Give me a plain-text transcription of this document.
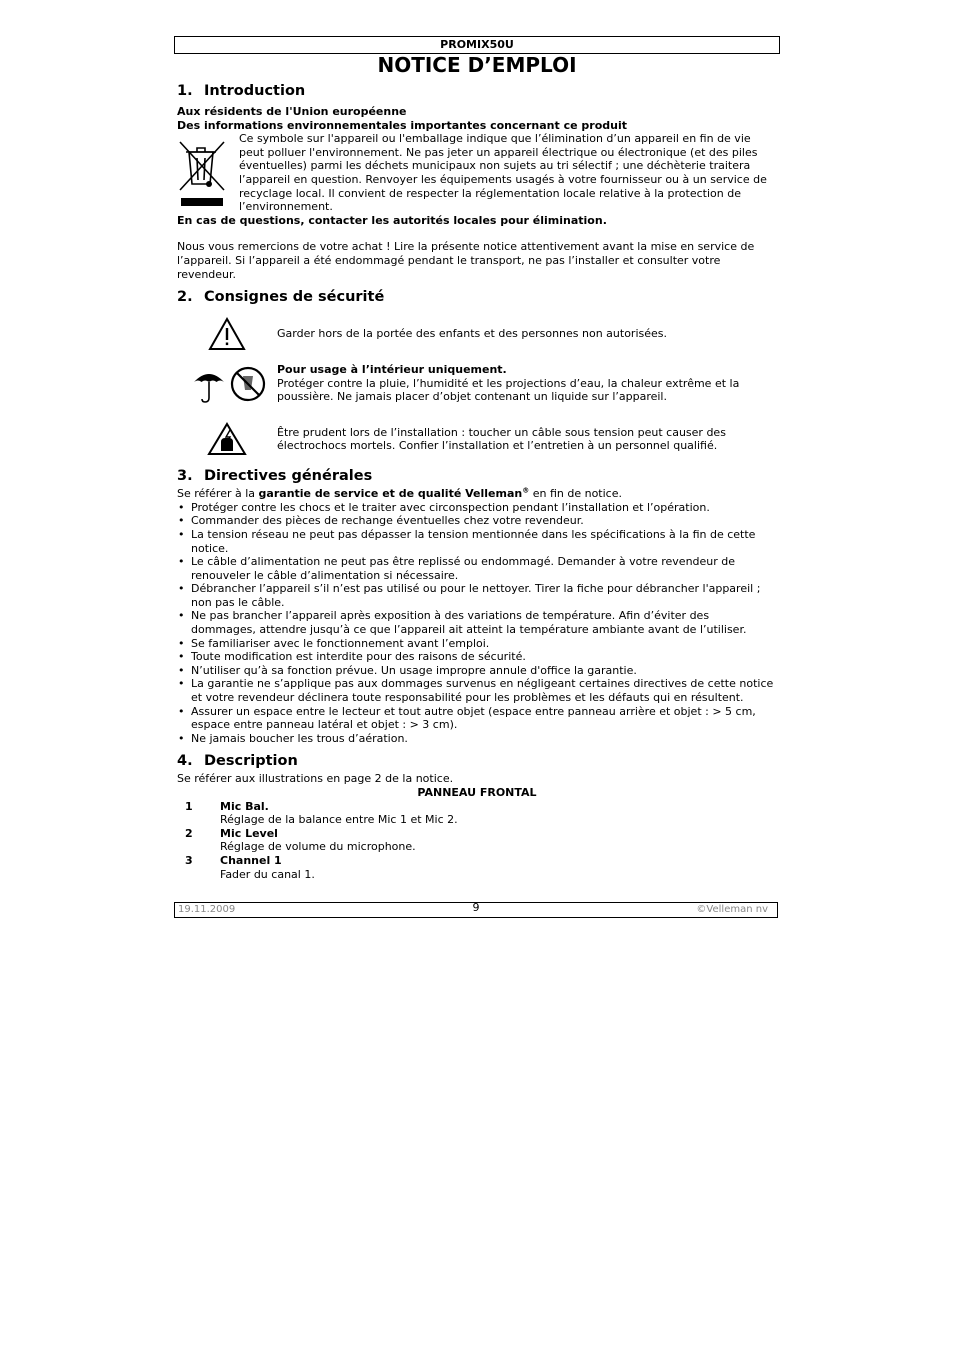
PROMIX50U
NOTICE D’EMPLOI
1. Introduction

Aux résidents de l'Union européenne

Des informations environnementales importantes concernant ce produit

Ce symbole sur l'appareil ou l'emballage indique que l’élimination d’un appareil en fin de vie peut polluer l'environnement. Ne pas jeter un appareil électrique ou électronique (et des piles éventuelles) parmi les déchets municipaux non sujets au tri sélectif ; une déchèterie traitera l’appareil en question. Renvoyer les équipements usagés à votre fournisseur ou à un service de recyclage local. Il convient de respecter la réglementation locale relative à la protection de l’environnement.

En cas de questions, contacter les autorités locales pour élimination.

Nous vous remercions de votre achat ! Lire la présente notice attentivement avant la mise en service de l’appareil. Si l’appareil a été endommagé pendant le transport, ne pas l’installer et consulter votre revendeur.

2. Consignes de sécurité
Garder hors de la portée des enfants et des personnes non autorisées.

Pour usage à l’intérieur uniquement.

Protéger contre la pluie, l’humidité et les projections d’eau, la chaleur extrême et la poussière. Ne jamais placer d’objet contenant un liquide sur l’appareil.

Être prudent lors de l’installation : toucher un câble sous tension peut causer des électrochocs mortels. Confier l’installation et l’entretien à un personnel qualifié.
3. Directives générales

Se référer à la garantie de service et de qualité Velleman® en fin de notice.

• Protéger contre les chocs et le traiter avec circonspection pendant l’installation et l’opération.
• Commander des pièces de rechange éventuelles chez votre revendeur.
• La tension réseau ne peut pas dépasser la tension mentionnée dans les spécifications à la fin de cette notice.
• Le câble d’alimentation ne peut pas être replissé ou endommagé. Demander à votre revendeur de renouveler le câble d’alimentation si nécessaire.
• Débrancher l’appareil s’il n’est pas utilisé ou pour le nettoyer. Tirer la fiche pour débrancher l'appareil ; non pas le câble.
• Ne pas brancher l’appareil après exposition à des variations de température. Afin d’éviter des dommages, attendre jusqu’à ce que l’appareil ait atteint la température ambiante avant de l’utiliser.
• Se familiariser avec le fonctionnement avant l’emploi.
• Toute modification est interdite pour des raisons de sécurité.
• N’utiliser qu’à sa fonction prévue. Un usage impropre annule d'office la garantie.
• La garantie ne s’applique pas aux dommages survenus en négligeant certaines directives de cette notice et votre revendeur déclinera toute responsabilité pour les problèmes et les défauts qui en résultent.
• Assurer un espace entre le lecteur et tout autre objet (espace entre panneau arrière et objet : > 5 cm, espace entre panneau latéral et objet : > 3 cm).
• Ne jamais boucher les trous d’aération.
4. Description

Se référer aux illustrations en page 2 de la notice.

PANNEAU FRONTAL

1	Mic Bal.

Réglage de la balance entre Mic 1 et Mic 2.

2	Mic Level

Réglage de volume du microphone.

3	Channel 1

Fader du canal 1.

19.11.2009	9	©Velleman nv
